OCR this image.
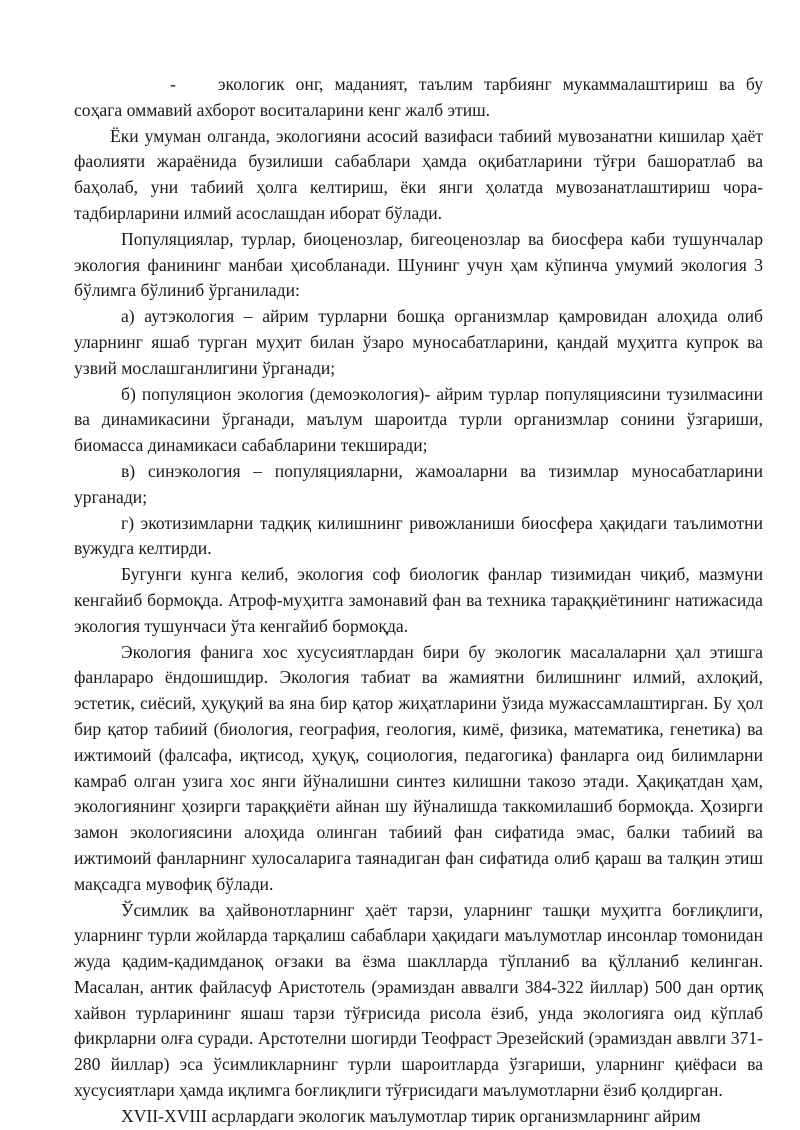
- экологик онг, маданият, таълим тарбиянг мукаммалаштириш ва бу соҳага оммавий ахборот воситаларини кенг жалб этиш.

Ёки умуман олганда, экологияни асосий вазифаси табиий мувозанатни кишилар ҳаёт фаолияти жараёнида бузилиши сабаблари ҳамда оқибатларини тўғри башоратлаб ва баҳолаб, уни табиий ҳолга келтириш, ёки янги ҳолатда мувозанатлаштириш чора-тадбирларини илмий асослашдан иборат бўлади.

Популяциялар, турлар, биоценозлар, бигеоценозлар ва биосфера каби тушунчалар экология фанининг манбаи ҳисобланади. Шунинг учун ҳам кўпинча умумий экология 3 бўлимга бўлиниб ўрганилади:

а) аутэкология – айрим турларни бошқа организмлар қамровидан алоҳида олиб уларнинг яшаб турган муҳит билан ўзаро муносабатларини, қандай муҳитга купрок ва узвий мослашганлигини ўрганади;

б) популяцион экология (демоэкология)- айрим турлар популяциясини тузилмасини ва динамикасини ўрганади, маълум шароитда турли организмлар сонини ўзгариши, биомасса динамикаси сабабларини текширади;

в) синэкология – популяцияларни, жамоаларни ва тизимлар муносабатларини урганади;

г) экотизимларни тадқиқ килишнинг ривожланиши биосфера ҳақидаги таълимотни вужудга келтирди.

Бугунги кунга келиб, экология соф биологик фанлар тизимидан чиқиб, мазмуни кенгайиб бормоқда. Атроф-муҳитга замонавий фан ва техника тараққиётининг натижасида экология тушунчаси ўта кенгайиб бормоқда.

Экология фанига хос хусусиятлардан бири бу экологик масалаларни ҳал этишга фанлараро ёндошишдир. Экология табиат ва жамиятни билишнинг илмий, ахлоқий, эстетик, сиёсий, ҳуқуқий ва яна бир қатор жиҳатларини ўзида мужассамлаштирган. Бу ҳол бир қатор табиий (биология, география, геология, кимё, физика, математика, генетика) ва ижтимоий (фалсафа, иқтисод, ҳуқуқ, социология, педагогика) фанларга оид билимларни камраб олган узига хос янги йўналишни синтез килишни такозо этади. Ҳақиқатдан ҳам, экологиянинг ҳозирги тараққиёти айнан шу йўналишда таккомилашиб бормоқда. Ҳозирги замон экологиясини алоҳида олинган табиий фан сифатида эмас, балки табиий ва ижтимоий фанларнинг хулосаларига таянадиган фан сифатида олиб қараш ва талқин этиш мақсадга мувофиқ бўлади.

Ўсимлик ва ҳайвонотларнинг ҳаёт тарзи, уларнинг ташқи муҳитга боғлиқлиги, уларнинг турли жойларда тарқалиш сабаблари ҳақидаги маълумотлар инсонлар томонидан жуда қадим-қадимданоқ оғзаки ва ёзма шаклларда тўпланиб ва қўлланиб келинган. Масалан, антик файласуф Аристотель (эрамиздан аввалги 384-322 йиллар) 500 дан ортиқ хайвон турларининг яшаш тарзи тўғрисида рисола ёзиб, унда экологияга оид кўплаб фикрларни олға суради. Арстотелни шогирди Теофраст Эрезейский (эрамиздан аввлги 371-280 йиллар) эса ўсимликларнинг турли шароитларда ўзгариши, уларнинг қиёфаси ва хусусиятлари ҳамда иқлимга боғлиқлиги тўғрисидаги маълумотларни ёзиб қолдирган.

XVII-XVIII асрлардаги экологик маълумотлар тирик организмларнинг айрим
